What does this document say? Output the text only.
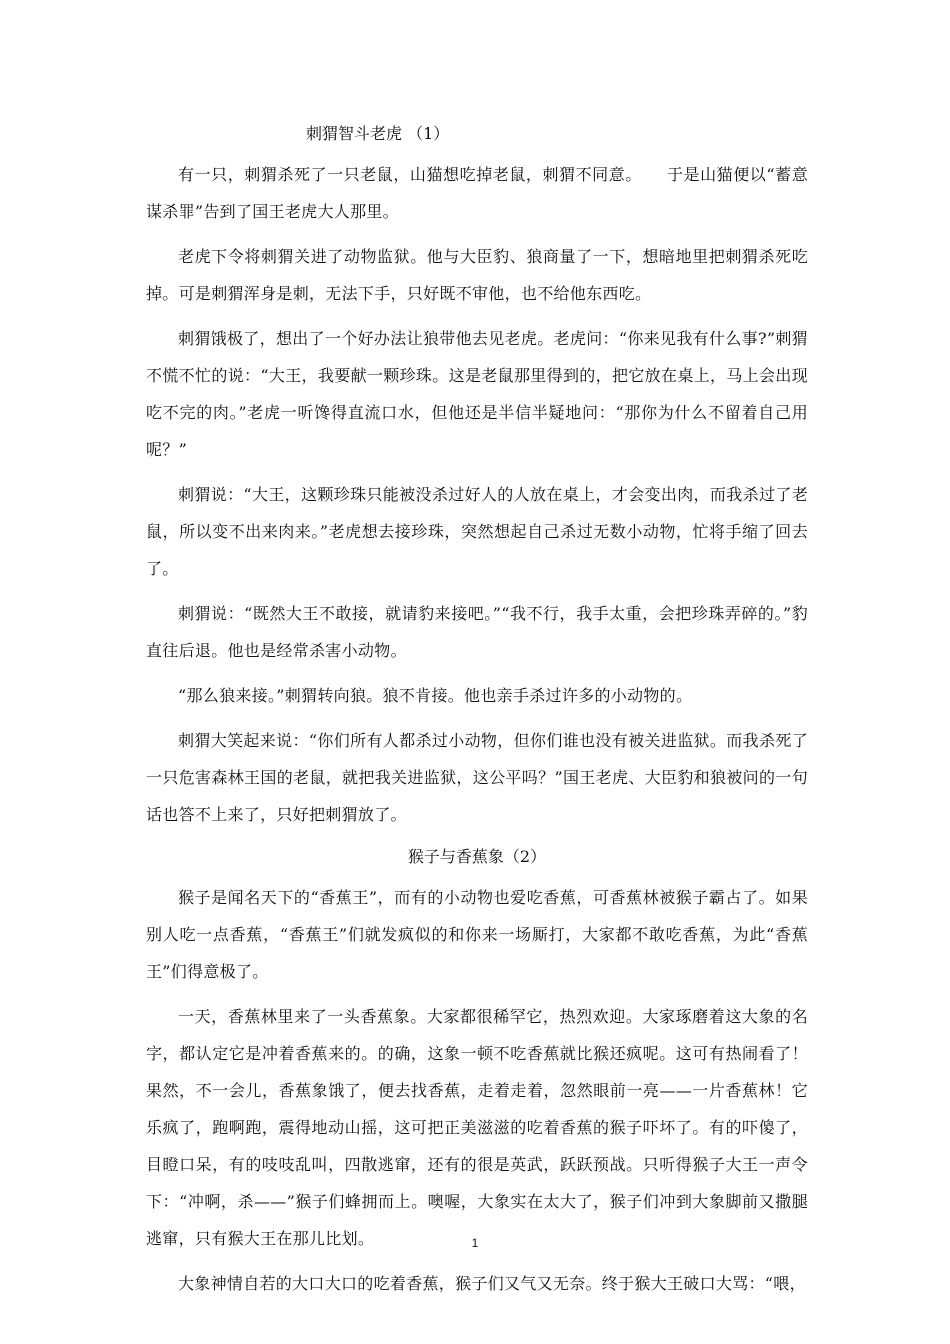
刺猬智斗老虎 （1）

有一只，刺猬杀死了一只老鼠，山猫想吃掉老鼠，刺猬不同意。　　于是山猫便以“蓄意谋杀罪”告到了国王老虎大人那里。

老虎下令将刺猬关进了动物监狱。他与大臣豹、狼商量了一下，想暗地里把刺猬杀死吃掉。可是刺猬浑身是刺，无法下手，只好既不审他，也不给他东西吃。

刺猬饿极了，想出了一个好办法让狼带他去见老虎。老虎问：“你来见我有什么事?”刺猬不慌不忙的说：“大王，我要献一颗珍珠。这是老鼠那里得到的，把它放在桌上，马上会出现吃不完的肉。”老虎一听馋得直流口水，但他还是半信半疑地问：“那你为什么不留着自己用呢？”

刺猬说：“大王，这颗珍珠只能被没杀过好人的人放在桌上，才会变出肉，而我杀过了老鼠，所以变不出来肉来。”老虎想去接珍珠，突然想起自己杀过无数小动物，忙将手缩了回去了。

刺猬说：“既然大王不敢接，就请豹来接吧。”“我不行，我手太重，会把珍珠弄碎的。”豹直往后退。他也是经常杀害小动物。

“那么狼来接。”刺猬转向狼。狼不肯接。他也亲手杀过许多的小动物的。

刺猬大笑起来说：“你们所有人都杀过小动物，但你们谁也没有被关进监狱。而我杀死了一只危害森林王国的老鼠，就把我关进监狱，这公平吗？”国王老虎、大臣豹和狼被问的一句话也答不上来了，只好把刺猬放了。

猴子与香蕉象（2）

猴子是闻名天下的“香蕉王”，而有的小动物也爱吃香蕉，可香蕉林被猴子霸占了。如果别人吃一点香蕉，“香蕉王”们就发疯似的和你来一场厮打，大家都不敢吃香蕉，为此“香蕉王”们得意极了。

一天，香蕉林里来了一头香蕉象。大家都很稀罕它，热烈欢迎。大家琢磨着这大象的名字，都认定它是冲着香蕉来的。的确，这象一顿不吃香蕉就比猴还疯呢。这可有热闹看了！果然，不一会儿，香蕉象饿了，便去找香蕉，走着走着，忽然眼前一亮——一片香蕉林！它乐疯了，跑啊跑，震得地动山摇，这可把正美滋滋的吃着香蕉的猴子吓坏了。有的吓傻了，目瞪口呆，有的吱吱乱叫，四散逃窜，还有的很是英武，跃跃预战。只听得猴子大王一声令下：“冲啊，杀——”猴子们蜂拥而上。噢喔，大象实在太大了，猴子们冲到大象脚前又撒腿逃窜，只有猴大王在那儿比划。

大象神情自若的大口大口的吃着香蕉，猴子们又气又无奈。终于猴大王破口大骂：“喂，

1
